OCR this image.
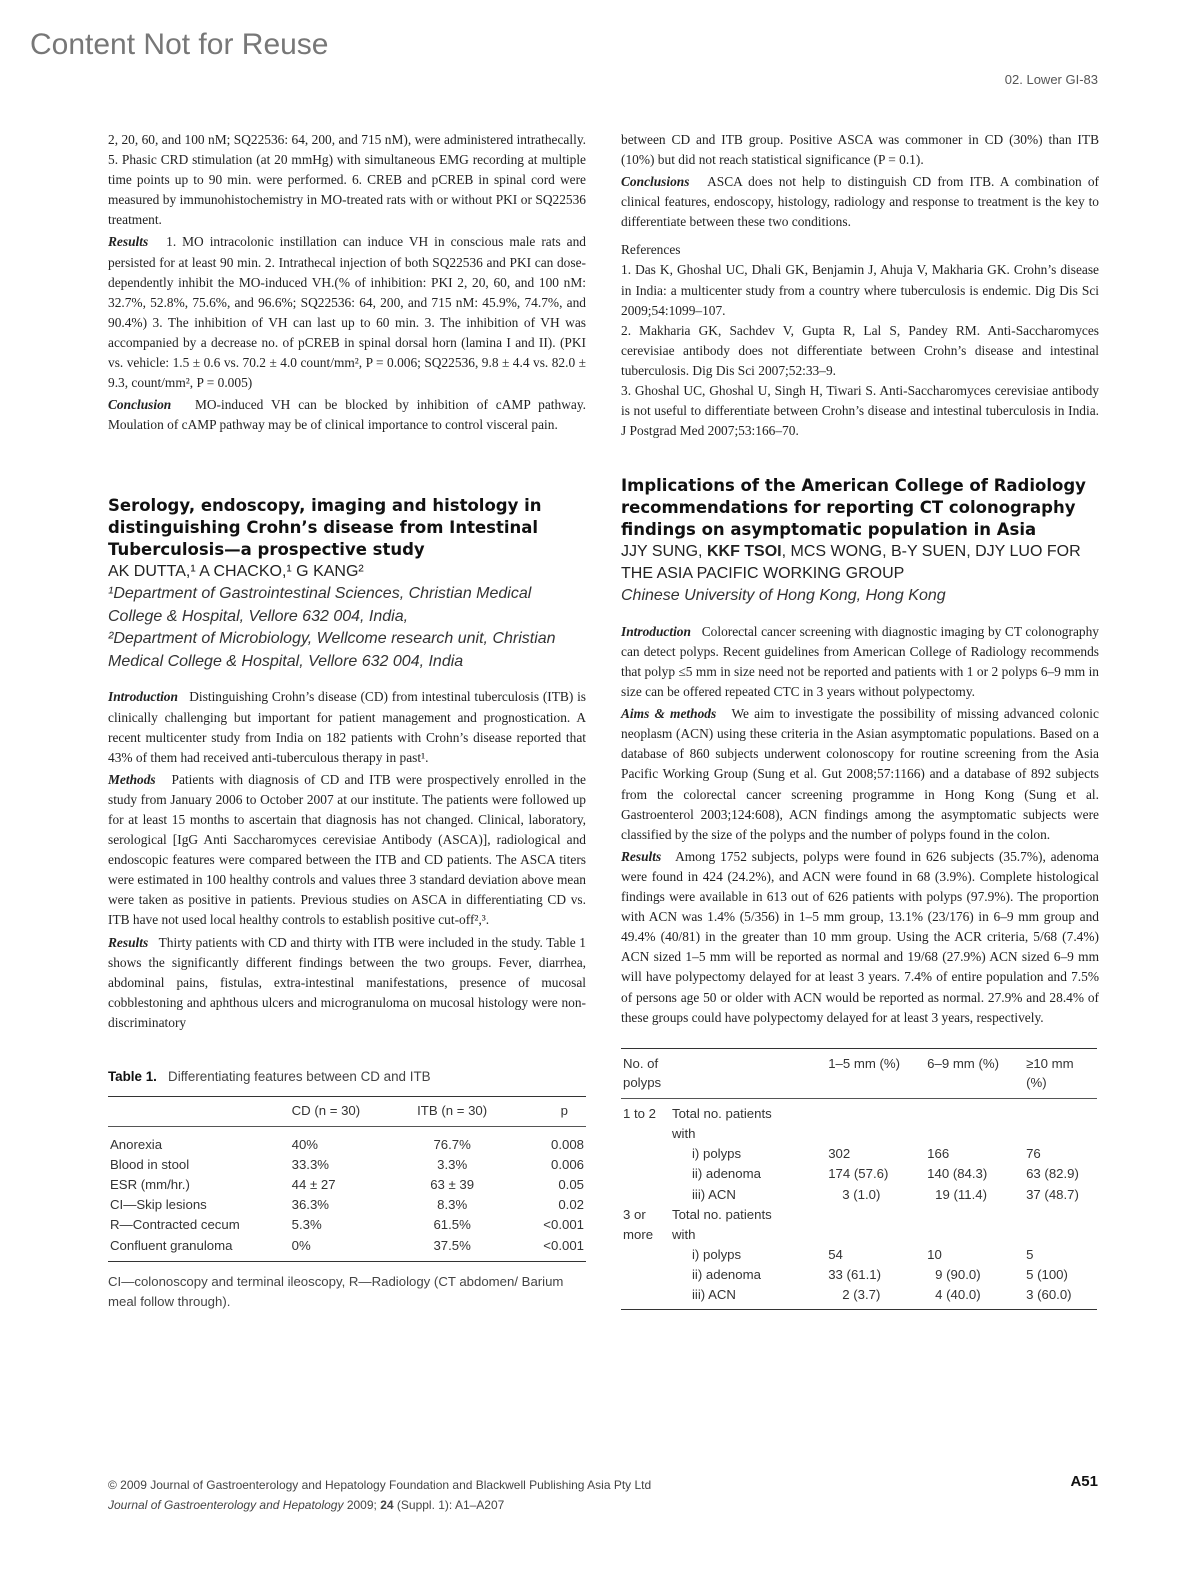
Content Not for Reuse
02. Lower GI-83

2, 20, 60, and 100 nM; SQ22536: 64, 200, and 715 nM), were administered intrathecally. 5. Phasic CRD stimulation (at 20 mmHg) with simultaneous EMG recording at multiple time points up to 90 min. were performed. 6. CREB and pCREB in spinal cord were measured by immunohistochemistry in MO-treated rats with or without PKI or SQ22536 treatment.

Results 1. MO intracolonic instillation can induce VH in conscious male rats and persisted for at least 90 min. 2. Intrathecal injection of both SQ22536 and PKI can dose-dependently inhibit the MO-induced VH.(% of inhibition: PKI 2, 20, 60, and 100 nM: 32.7%, 52.8%, 75.6%, and 96.6%; SQ22536: 64, 200, and 715 nM: 45.9%, 74.7%, and 90.4%) 3. The inhibition of VH can last up to 60 min. 3. The inhibition of VH was accompanied by a decrease no. of pCREB in spinal dorsal horn (lamina I and II). (PKI vs. vehicle: 1.5 ± 0.6 vs. 70.2 ± 4.0 count/mm², P = 0.006; SQ22536, 9.8 ± 4.4 vs. 82.0 ± 9.3, count/mm², P = 0.005)

Conclusion MO-induced VH can be blocked by inhibition of cAMP pathway. Moulation of cAMP pathway may be of clinical importance to control visceral pain.

Serology, endoscopy, imaging and histology in distinguishing Crohn’s disease from Intestinal Tuberculosis—a prospective study

AK DUTTA,¹ A CHACKO,¹ G KANG²

¹Department of Gastrointestinal Sciences, Christian Medical College & Hospital, Vellore 632 004, India,

²Department of Microbiology, Wellcome research unit, Christian Medical College & Hospital, Vellore 632 004, India

Introduction Distinguishing Crohn’s disease (CD) from intestinal tuberculosis (ITB) is clinically challenging but important for patient management and prognostication. A recent multicenter study from India on 182 patients with Crohn’s disease reported that 43% of them had received anti-tuberculous therapy in past¹.

Methods Patients with diagnosis of CD and ITB were prospectively enrolled in the study from January 2006 to October 2007 at our institute. The patients were followed up for at least 15 months to ascertain that diagnosis has not changed. Clinical, laboratory, serological [IgG Anti Saccharomyces cerevisiae Antibody (ASCA)], radiological and endoscopic features were compared between the ITB and CD patients. The ASCA titers were estimated in 100 healthy controls and values three 3 standard deviation above mean were taken as positive in patients. Previous studies on ASCA in differentiating CD vs. ITB have not used local healthy controls to establish positive cut-off²,³.

Results Thirty patients with CD and thirty with ITB were included in the study. Table 1 shows the significantly different findings between the two groups. Fever, diarrhea, abdominal pains, fistulas, extra-intestinal manifestations, presence of mucosal cobblestoning and aphthous ulcers and microgranuloma on mucosal histology were non-discriminatory

Table 1. Differentiating features between CD and ITB

	CD (n = 30)	ITB (n = 30)	p

Anorexia	40%	76.7%	0.008
Blood in stool	33.3%	3.3%	0.006
ESR (mm/hr.)	44 ± 27	63 ± 39	0.05
CI—Skip lesions	36.3%	8.3%	0.02
R—Contracted cecum	5.3%	61.5%	<0.001
Confluent granuloma	0%	37.5%	<0.001

CI—colonoscopy and terminal ileoscopy, R—Radiology (CT abdomen/ Barium meal follow through).

between CD and ITB group. Positive ASCA was commoner in CD (30%) than ITB (10%) but did not reach statistical significance (P = 0.1).

Conclusions ASCA does not help to distinguish CD from ITB. A combination of clinical features, endoscopy, histology, radiology and response to treatment is the key to differentiate between these two conditions.

References

1. Das K, Ghoshal UC, Dhali GK, Benjamin J, Ahuja V, Makharia GK. Crohn’s disease in India: a multicenter study from a country where tuberculosis is endemic. Dig Dis Sci 2009;54:1099–107.

2. Makharia GK, Sachdev V, Gupta R, Lal S, Pandey RM. Anti-Saccharomyces cerevisiae antibody does not differentiate between Crohn’s disease and intestinal tuberculosis. Dig Dis Sci 2007;52:33–9.

3. Ghoshal UC, Ghoshal U, Singh H, Tiwari S. Anti-Saccharomyces cerevisiae antibody is not useful to differentiate between Crohn’s disease and intestinal tuberculosis in India. J Postgrad Med 2007;53:166–70.

Implications of the American College of Radiology recommendations for reporting CT colonography findings on asymptomatic population in Asia

JJY SUNG, KKF TSOI, MCS WONG, B-Y SUEN, DJY LUO FOR THE ASIA PACIFIC WORKING GROUP

Chinese University of Hong Kong, Hong Kong

Introduction Colorectal cancer screening with diagnostic imaging by CT colonography can detect polyps. Recent guidelines from American College of Radiology recommends that polyp ≤5 mm in size need not be reported and patients with 1 or 2 polyps 6–9 mm in size can be offered repeated CTC in 3 years without polypectomy.

Aims & methods We aim to investigate the possibility of missing advanced colonic neoplasm (ACN) using these criteria in the Asian asymptomatic populations. Based on a database of 860 subjects underwent colonoscopy for routine screening from the Asia Pacific Working Group (Sung et al. Gut 2008;57:1166) and a database of 892 subjects from the colorectal cancer screening programme in Hong Kong (Sung et al. Gastroenterol 2003;124:608), ACN findings among the asymptomatic subjects were classified by the size of the polyps and the number of polyps found in the colon.

Results Among 1752 subjects, polyps were found in 626 subjects (35.7%), adenoma were found in 424 (24.2%), and ACN were found in 68 (3.9%). Complete histological findings were available in 613 out of 626 patients with polyps (97.9%). The proportion with ACN was 1.4% (5/356) in 1–5 mm group, 13.1% (23/176) in 6–9 mm group and 49.4% (40/81) in the greater than 10 mm group. Using the ACR criteria, 5/68 (7.4%) ACN sized 1–5 mm will be reported as normal and 19/68 (27.9%) ACN sized 6–9 mm will have polypectomy delayed for at least 3 years. 7.4% of entire population and 7.5% of persons age 50 or older with ACN would be reported as normal. 27.9% and 28.4% of these groups could have polypectomy delayed for at least 3 years, respectively.

No. of polyps		1–5 mm (%)	6–9 mm (%)	≥10 mm (%)

1 to 2	Total no. patients with			
	i) polyps	302	166	76
	ii) adenoma	174 (57.6)	140 (84.3)	63 (82.9)
	iii) ACN	3 (1.0)	19 (11.4)	37 (48.7)
3 or more	Total no. patients with			
	i) polyps	54	10	5
	ii) adenoma	33 (61.1)	9 (90.0)	5 (100)
	iii) ACN	2 (3.7)	4 (40.0)	3 (60.0)

© 2009 Journal of Gastroenterology and Hepatology Foundation and Blackwell Publishing Asia Pty Ltd
Journal of Gastroenterology and Hepatology 2009; 24 (Suppl. 1): A1–A207
A51
